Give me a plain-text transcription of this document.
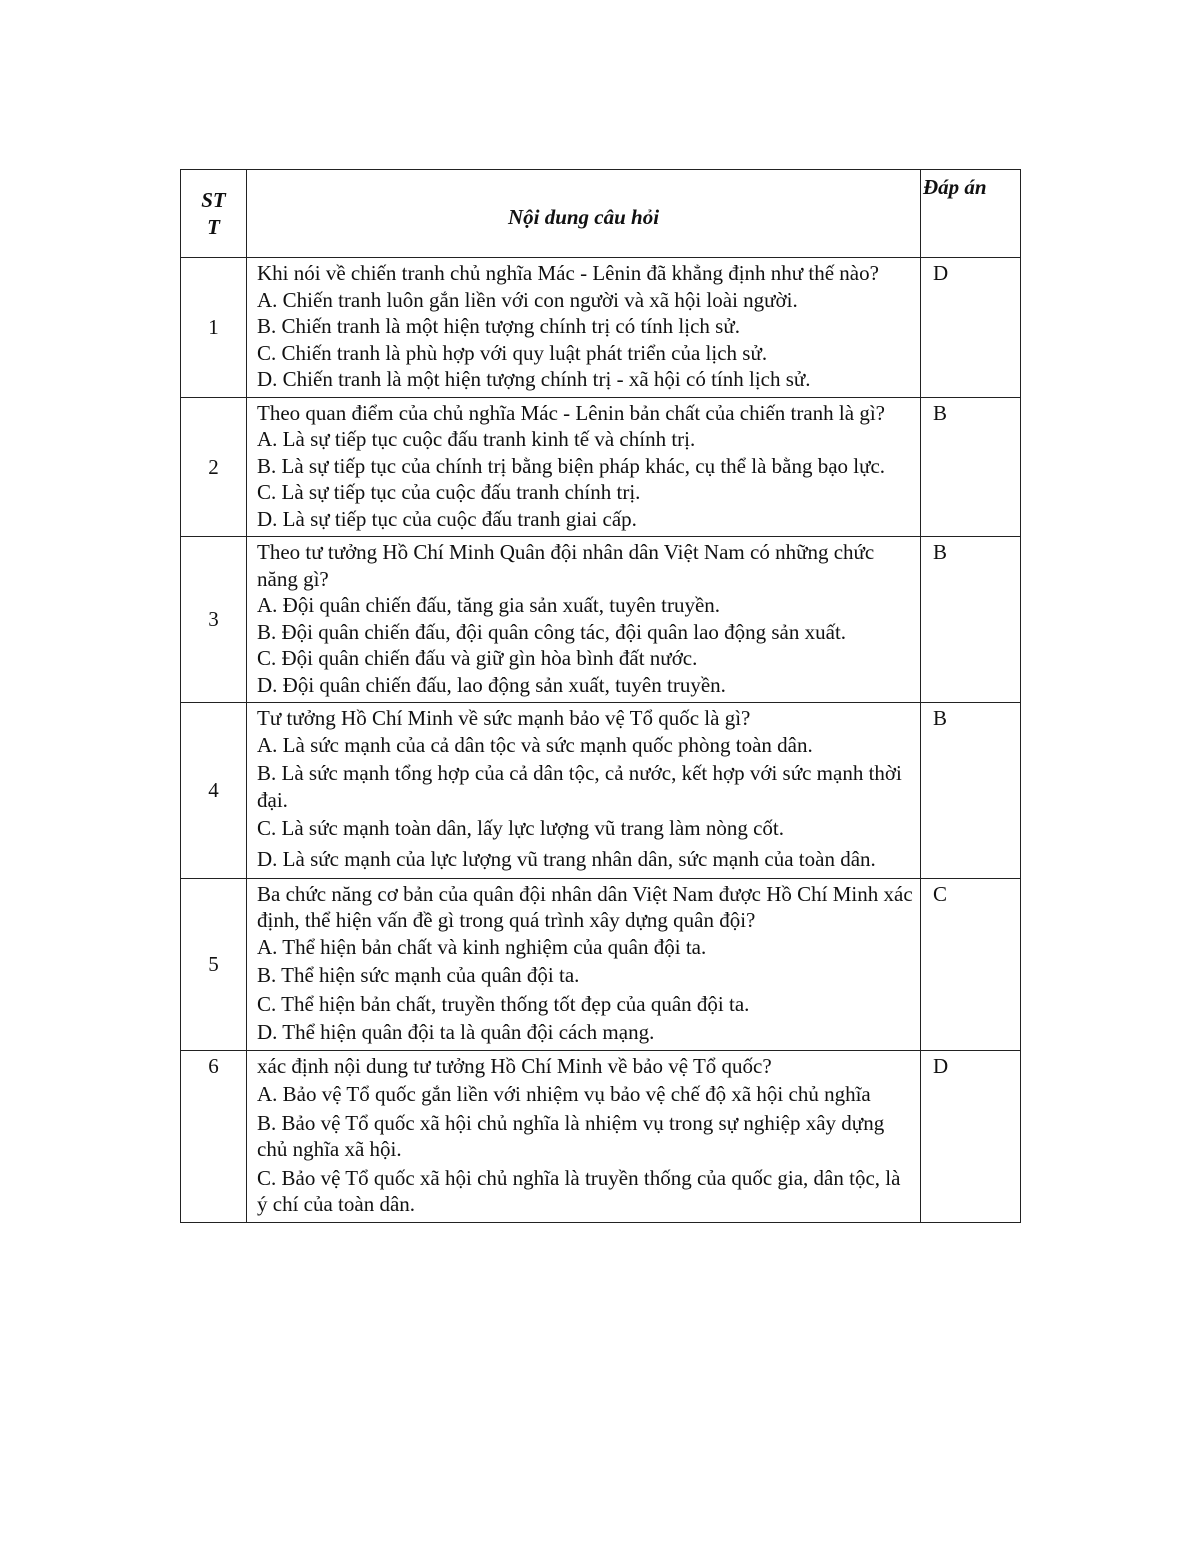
ST
T	Nội dung câu hỏi	Đáp án
1	Khi nói về chiến tranh chủ nghĩa Mác - Lênin đã khẳng định như thế nào?
A. Chiến tranh luôn gắn liền với con người và xã hội loài người.
B. Chiến tranh là một hiện tượng chính trị có tính lịch sử.
C. Chiến tranh là phù hợp với quy luật phát triển của lịch sử.
D. Chiến tranh là một hiện tượng chính trị - xã hội có tính lịch sử.	D
2	Theo quan điểm của chủ nghĩa Mác - Lênin bản chất của chiến tranh là gì?
A. Là sự tiếp tục cuộc đấu tranh kinh tế và chính trị.
B. Là sự tiếp tục của chính trị bằng biện pháp khác, cụ thể là bằng bạo lực.
C. Là sự tiếp tục của cuộc đấu tranh chính trị.
D. Là sự tiếp tục của cuộc đấu tranh giai cấp.	B
3	Theo tư tưởng Hồ Chí Minh Quân đội nhân dân Việt Nam có những chức năng gì?
A. Đội quân chiến đấu, tăng gia sản xuất, tuyên truyền.
B. Đội quân chiến đấu, đội quân công tác, đội quân lao động sản xuất.
C. Đội quân chiến đấu và giữ gìn hòa bình đất nước.
D. Đội quân chiến đấu, lao động sản xuất, tuyên truyền.	B
4	Tư tưởng Hồ Chí Minh về sức mạnh bảo vệ Tổ quốc là gì?
A. Là sức mạnh của cả dân tộc và sức mạnh quốc phòng toàn dân.
B. Là sức mạnh tổng hợp của cả dân tộc, cả nước, kết hợp với sức mạnh thời đại.
C. Là sức mạnh toàn dân, lấy lực lượng vũ trang làm nòng cốt.
D. Là sức mạnh của lực lượng vũ trang nhân dân, sức mạnh của toàn dân.	B
5	Ba chức năng cơ bản của quân đội nhân dân Việt Nam được Hồ Chí Minh xác định, thể hiện vấn đề gì trong quá trình xây dựng quân đội?
A. Thể hiện bản chất và kinh nghiệm của quân đội ta.
B. Thể hiện sức mạnh của quân đội ta.
C. Thể hiện bản chất, truyền thống tốt đẹp của quân đội ta.
D. Thể hiện quân đội ta là quân đội cách mạng.	C
6	xác định nội dung tư tưởng Hồ Chí Minh về bảo vệ Tổ quốc?
A. Bảo vệ Tổ quốc gắn liền với nhiệm vụ bảo vệ chế độ xã hội chủ nghĩa
B. Bảo vệ Tổ quốc xã hội chủ nghĩa là nhiệm vụ trong sự nghiệp xây dựng chủ nghĩa xã hội.
C. Bảo vệ Tổ quốc xã hội chủ nghĩa là truyền thống của quốc gia, dân tộc, là ý chí của toàn dân.	D
